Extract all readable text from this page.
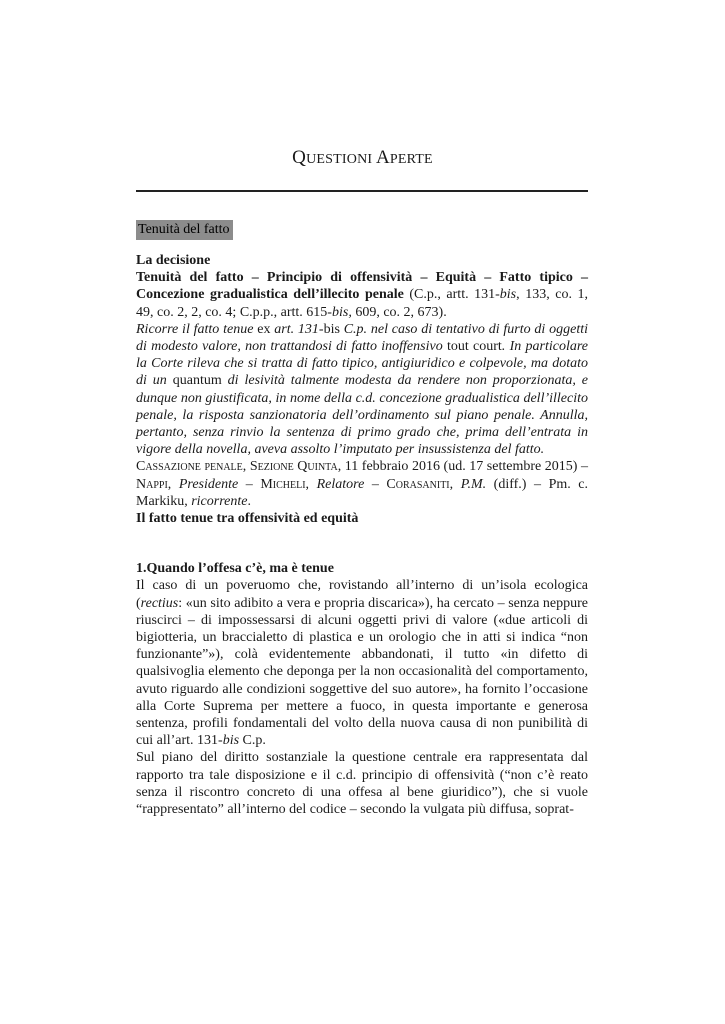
QUESTIONI APERTE
Tenuità del fatto

La decisione

Tenuità del fatto – Principio di offensività – Equità – Fatto tipico – Concezione gradualistica dell’illecito penale (C.p., artt. 131-bis, 133, co. 1, 49, co. 2, 2, co. 4; C.p.p., artt. 615-bis, 609, co. 2, 673).

Ricorre il fatto tenue ex art. 131-bis C.p. nel caso di tentativo di furto di oggetti di modesto valore, non trattandosi di fatto inoffensivo tout court. In particolare la Corte rileva che si tratta di fatto tipico, antigiuridico e colpevole, ma dotato di un quantum di lesività talmente modesta da rendere non proporzionata, e dunque non giustificata, in nome della c.d. concezione gradualistica dell’illecito penale, la risposta sanzionatoria dell’ordinamento sul piano penale. Annulla, pertanto, senza rinvio la sentenza di primo grado che, prima dell’entrata in vigore della novella, aveva assolto l’imputato per insussistenza del fatto.

Cassazione penale, Sezione Quinta, 11 febbraio 2016 (ud. 17 settembre 2015) – Nappi, Presidente – Micheli, Relatore – Corasaniti, P.M. (diff.) – Pm. c. Markiku, ricorrente.

Il fatto tenue tra offensività ed equità

1.Quando l’offesa c’è, ma è tenue

Il caso di un poveruomo che, rovistando all’interno di un’isola ecologica (rectius: «un sito adibito a vera e propria discarica»), ha cercato – senza neppure riuscirci – di impossessarsi di alcuni oggetti privi di valore («due articoli di bigiotteria, un braccialetto di plastica e un orologio che in atti si indica “non funzionante”»), colà evidentemente abbandonati, il tutto «in difetto di qualsivoglia elemento che deponga per la non occasionalità del comportamento, avuto riguardo alle condizioni soggettive del suo autore», ha fornito l’occasione alla Corte Suprema per mettere a fuoco, in questa importante e generosa sentenza, profili fondamentali del volto della nuova causa di non punibilità di cui all’art. 131-bis C.p.

Sul piano del diritto sostanziale la questione centrale era rappresentata dal rapporto tra tale disposizione e il c.d. principio di offensività (“non c’è reato senza il riscontro concreto di una offesa al bene giuridico”), che si vuole “rappresentato” all’interno del codice – secondo la vulgata più diffusa, soprat-
